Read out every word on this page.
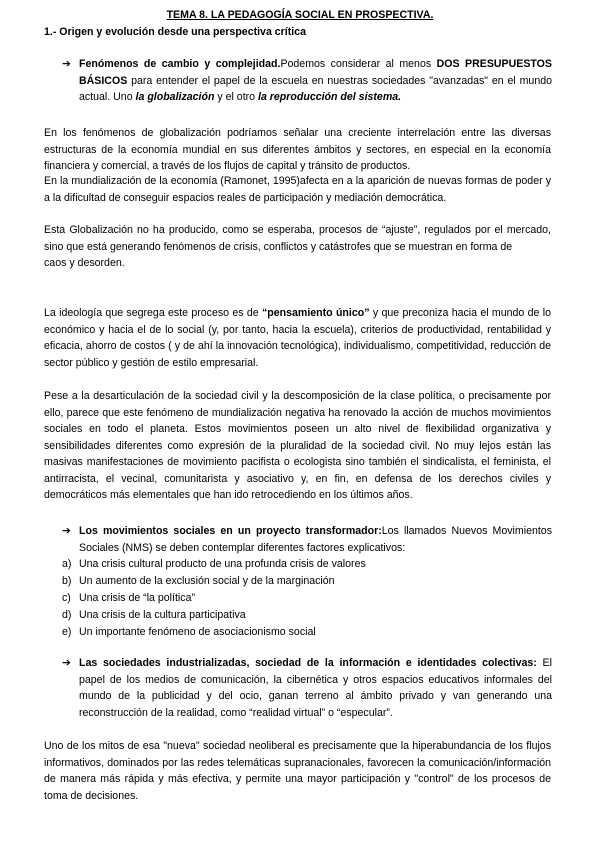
TEMA 8. LA PEDAGOGÍA SOCIAL EN PROSPECTIVA.
1.- Origen y evolución desde una perspectiva crítica
➔ Fenómenos de cambio y complejidad.Podemos considerar al menos DOS PRESUPUESTOS BÁSICOS para entender el papel de la escuela en nuestras sociedades "avanzadas" en el mundo actual. Uno la globalización y el otro la reproducción del sistema.
En los fenómenos de globalización podríamos señalar una creciente interrelación entre las diversas estructuras de la economía mundial en sus diferentes ámbitos y sectores, en especial en la economía financiera y comercial, a través de los flujos de capital y tránsito de productos.
En la mundialización de la economía (Ramonet, 1995)afecta en a la aparición de nuevas formas de poder y a la dificultad de conseguir espacios reales de participación y mediación democrática.
Esta Globalización no ha producido, como se esperaba, procesos de “ajuste”, regulados por el mercado, sino que está generando fenómenos de crisis, conflictos y catástrofes que se muestran en forma de
caos y desorden.
La ideología que segrega este proceso es de “pensamiento único” y que preconiza hacia el mundo de lo económico y hacia el de lo social (y, por tanto, hacia la escuela), criterios de productividad, rentabilidad y eficacia, ahorro de costos ( y de ahí la innovación tecnológica), individualismo, competitividad, reducción de sector público y gestión de estilo empresarial.
Pese a la desarticulación de la sociedad civil y la descomposición de la clase política, o precisamente por ello, parece que este fenómeno de mundialización negativa ha renovado la acción de muchos movimientos sociales en todo el planeta. Estos movimientos poseen un alto nivel de flexibilidad organizativa y sensibilidades diferentes como expresión de la pluralidad de la sociedad civil. No muy lejos están las masivas manifestaciones de movimiento pacifista o ecologista sino también el sindicalista, el feminista, el antirracista, el vecinal, comunitarista y asociativo y, en fin, en defensa de los derechos civiles y democráticos más elementales que han ido retrocediendo en los últimos años.
➔ Los movimientos sociales en un proyecto transformador:Los llamados Nuevos Movimientos Sociales (NMS) se deben contemplar diferentes factores explicativos:
a) Una crisis cultural producto de una profunda crisis de valores
b) Un aumento de la exclusión social y de la marginación
c) Una crisis de “la política”
d) Una crisis de la cultura participativa
e) Un importante fenómeno de asociacionismo social
➔ Las sociedades industrializadas, sociedad de la información e identidades colectivas: El papel de los medios de comunicación, la cibernética y otros espacios educativos informales del mundo de la publicidad y del ocio, ganan terreno al ámbito privado y van generando una reconstrucción de la realidad, como “realidad virtual” o “especular”.
Uno de los mitos de esa "nueva" sociedad neoliberal es precisamente que la hiperabundancia de los flujos informativos, dominados por las redes telemáticas supranacionales, favorecen la comunicación/información de manera más rápida y más efectiva, y permite una mayor participación y "control" de los procesos de toma de decisiones.
